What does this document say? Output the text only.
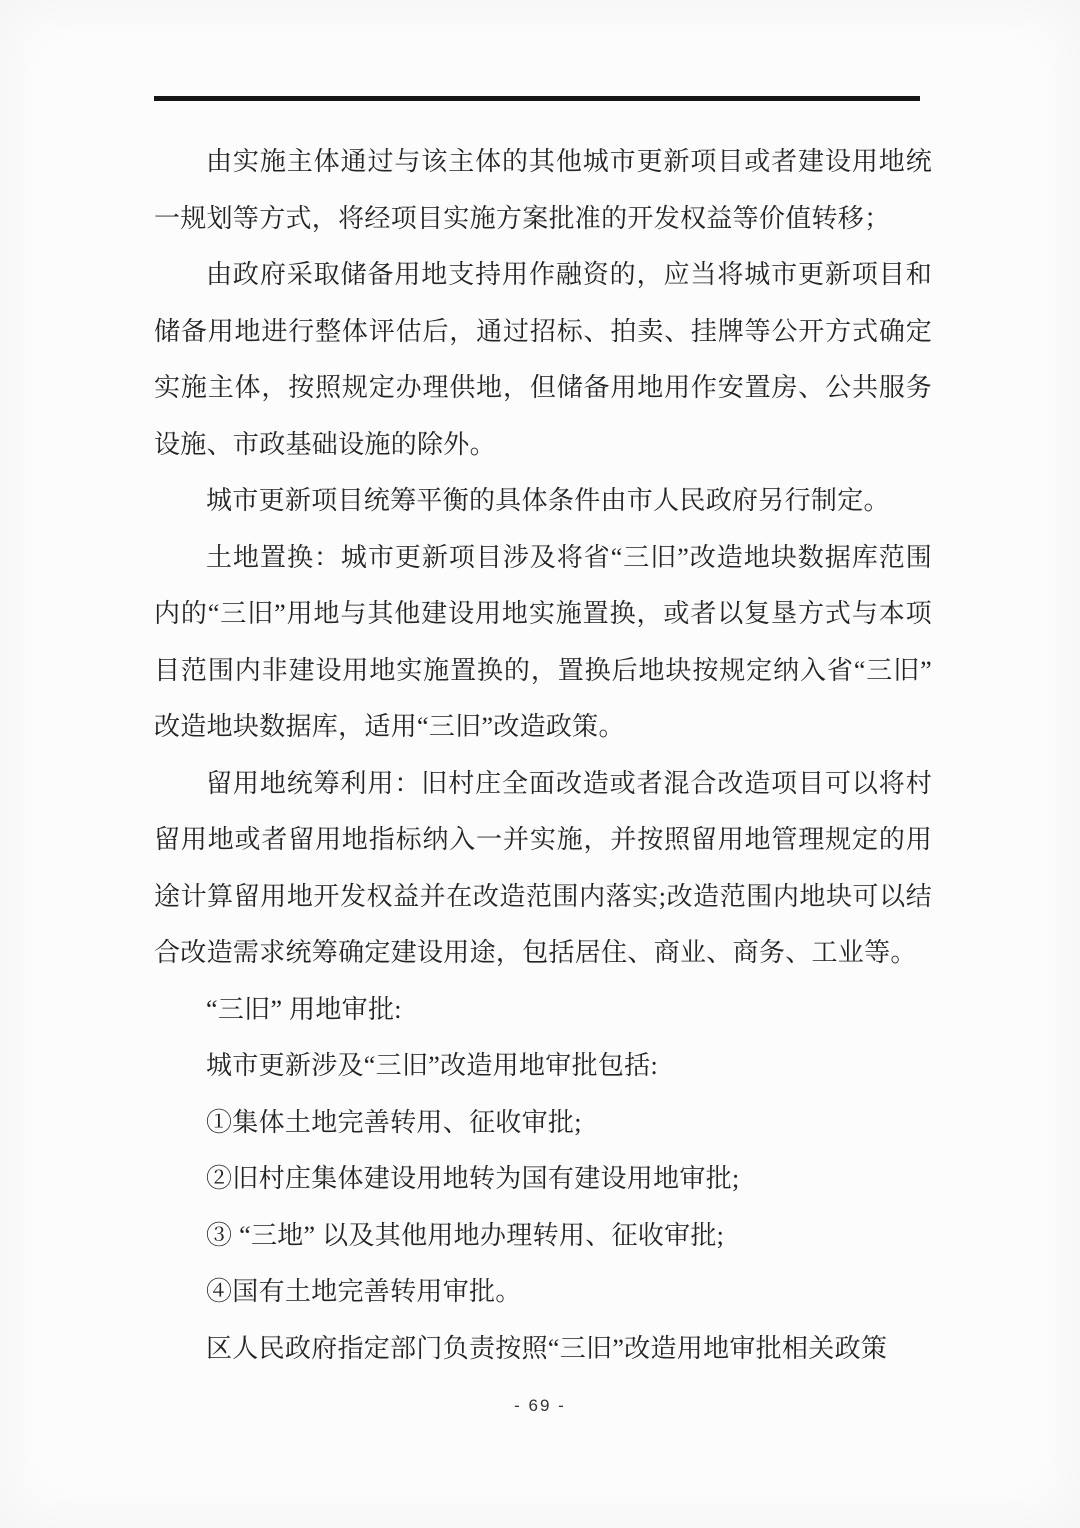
由实施主体通过与该主体的其他城市更新项目或者建设用地统一规划等方式，将经项目实施方案批准的开发权益等价值转移；

由政府采取储备用地支持用作融资的，应当将城市更新项目和储备用地进行整体评估后，通过招标、拍卖、挂牌等公开方式确定实施主体，按照规定办理供地，但储备用地用作安置房、公共服务设施、市政基础设施的除外。

城市更新项目统筹平衡的具体条件由市人民政府另行制定。

土地置换：城市更新项目涉及将省“三旧”改造地块数据库范围内的“三旧”用地与其他建设用地实施置换，或者以复垦方式与本项目范围内非建设用地实施置换的，置换后地块按规定纳入省“三旧”改造地块数据库，适用“三旧”改造政策。

留用地统筹利用：旧村庄全面改造或者混合改造项目可以将村留用地或者留用地指标纳入一并实施，并按照留用地管理规定的用途计算留用地开发权益并在改造范围内落实;改造范围内地块可以结合改造需求统筹确定建设用途，包括居住、商业、商务、工业等。

“三旧” 用地审批:

城市更新涉及“三旧”改造用地审批包括:

①集体土地完善转用、征收审批;

②旧村庄集体建设用地转为国有建设用地审批;

③ “三地” 以及其他用地办理转用、征收审批;

④国有土地完善转用审批。

区人民政府指定部门负责按照“三旧”改造用地审批相关政策

- 69 -
